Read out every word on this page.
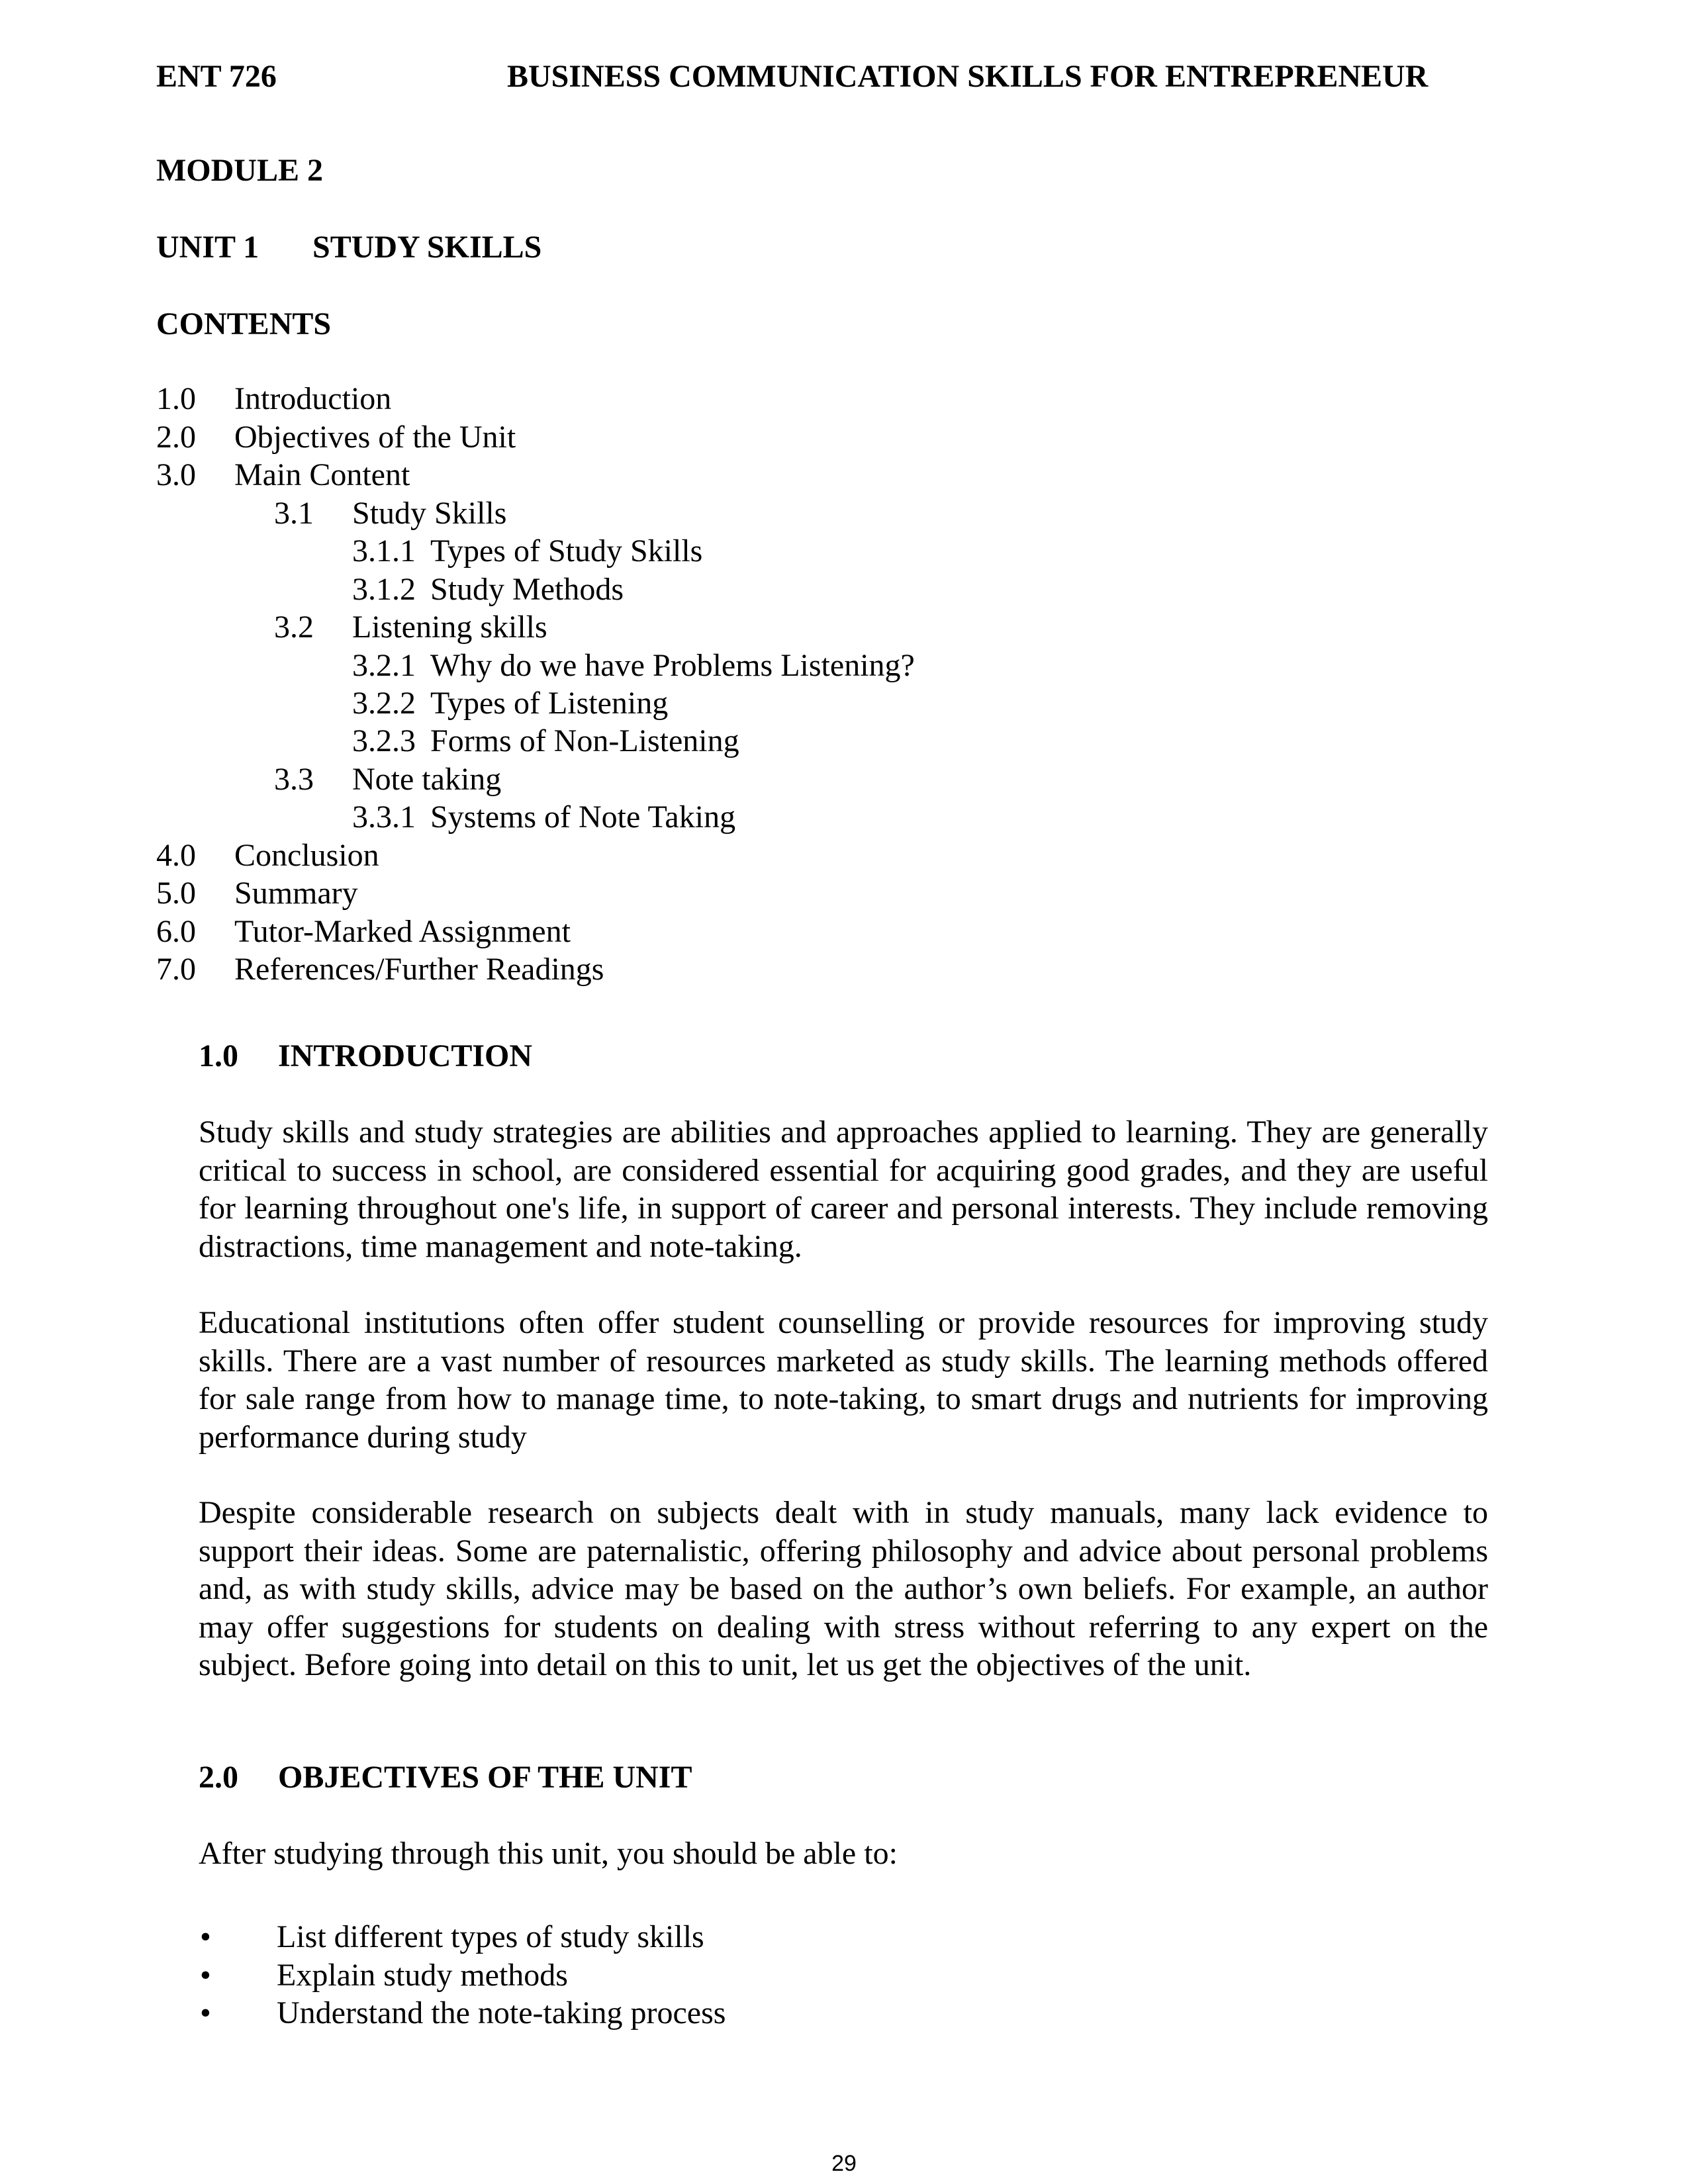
ENT 726	BUSINESS COMMUNICATION SKILLS FOR ENTREPRENEUR
MODULE 2
UNIT 1 STUDY SKILLS
CONTENTS
1.0 Introduction
2.0 Objectives of the Unit
3.0 Main Content
3.1 Study Skills
3.1.1 Types of Study Skills
3.1.2 Study Methods
3.2 Listening skills
3.2.1 Why do we have Problems Listening?
3.2.2 Types of Listening
3.2.3 Forms of Non-Listening
3.3 Note taking
3.3.1 Systems of Note Taking
4.0 Conclusion
5.0 Summary
6.0 Tutor-Marked Assignment
7.0 References/Further Readings
1.0 INTRODUCTION

Study skills and study strategies are abilities and approaches applied to learning. They are generally critical to success in school, are considered essential for acquiring good grades, and they are useful for learning throughout one's life, in support of career and personal interests. They include removing distractions, time management and note-taking.

Educational institutions often offer student counselling or provide resources for improving study skills. There are a vast number of resources marketed as study skills. The learning methods offered for sale range from how to manage time, to note-taking, to smart drugs and nutrients for improving performance during study

Despite considerable research on subjects dealt with in study manuals, many lack evidence to support their ideas. Some are paternalistic, offering philosophy and advice about personal problems and, as with study skills, advice may be based on the author’s own beliefs. For example, an author may offer suggestions for students on dealing with stress without referring to any expert on the subject. Before going into detail on this to unit, let us get the objectives of the unit.

2.0 OBJECTIVES OF THE UNIT

After studying through this unit, you should be able to:

• List different types of study skills
• Explain study methods
• Understand the note-taking process
29
